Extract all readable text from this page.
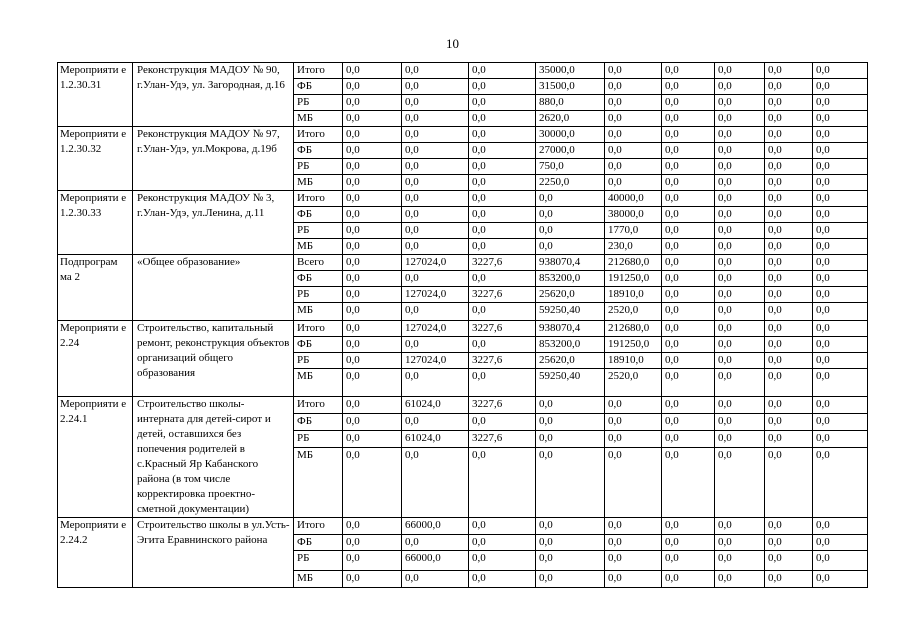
10
Мероприяти е 1.2.30.31	Реконструкция МАДОУ № 90, г.Улан-Удэ, ул. Загородная, д.16	Итого	0,0	0,0	0,0	35000,0	0,0	0,0	0,0	0,0	0,0
		ФБ	0,0	0,0	0,0	31500,0	0,0	0,0	0,0	0,0	0,0
		РБ	0,0	0,0	0,0	880,0	0,0	0,0	0,0	0,0	0,0
		МБ	0,0	0,0	0,0	2620,0	0,0	0,0	0,0	0,0	0,0
Мероприяти е 1.2.30.32	Реконструкция МАДОУ № 97, г.Улан-Удэ, ул.Мокрова, д.19б	Итого	0,0	0,0	0,0	30000,0	0,0	0,0	0,0	0,0	0,0
		ФБ	0,0	0,0	0,0	27000,0	0,0	0,0	0,0	0,0	0,0
		РБ	0,0	0,0	0,0	750,0	0,0	0,0	0,0	0,0	0,0
		МБ	0,0	0,0	0,0	2250,0	0,0	0,0	0,0	0,0	0,0
Мероприяти е 1.2.30.33	Реконструкция МАДОУ № 3, г.Улан-Удэ, ул.Ленина, д.11	Итого	0,0	0,0	0,0	0,0	40000,0	0,0	0,0	0,0	0,0
		ФБ	0,0	0,0	0,0	0,0	38000,0	0,0	0,0	0,0	0,0
		РБ	0,0	0,0	0,0	0,0	1770,0	0,0	0,0	0,0	0,0
		МБ	0,0	0,0	0,0	0,0	230,0	0,0	0,0	0,0	0,0
Подпрограм ма 2	«Общее образование»	Всего	0,0	127024,0	3227,6	938070,4	212680,0	0,0	0,0	0,0	0,0
		ФБ	0,0	0,0	0,0	853200,0	191250,0	0,0	0,0	0,0	0,0
		РБ	0,0	127024,0	3227,6	25620,0	18910,0	0,0	0,0	0,0	0,0
		МБ	0,0	0,0	0,0	59250,40	2520,0	0,0	0,0	0,0	0,0
Мероприяти е 2.24	Строительство, капитальный ремонт, реконструкция объектов организаций общего образования	Итого	0,0	127024,0	3227,6	938070,4	212680,0	0,0	0,0	0,0	0,0
		ФБ	0,0	0,0	0,0	853200,0	191250,0	0,0	0,0	0,0	0,0
		РБ	0,0	127024,0	3227,6	25620,0	18910,0	0,0	0,0	0,0	0,0
		МБ	0,0	0,0	0,0	59250,40	2520,0	0,0	0,0	0,0	0,0
Мероприяти е 2.24.1	Строительство школы-интерната для детей-сирот и детей, оставшихся без попечения родителей в с.Красный Яр Кабанского района (в том числе корректировка проектно-сметной документации)	Итого	0,0	61024,0	3227,6	0,0	0,0	0,0	0,0	0,0	0,0
		ФБ	0,0	0,0	0,0	0,0	0,0	0,0	0,0	0,0	0,0
		РБ	0,0	61024,0	3227,6	0,0	0,0	0,0	0,0	0,0	0,0
		МБ	0,0	0,0	0,0	0,0	0,0	0,0	0,0	0,0	0,0
Мероприяти е 2.24.2	Строительство школы в ул.Усть-Эгита Еравнинского района	Итого	0,0	66000,0	0,0	0,0	0,0	0,0	0,0	0,0	0,0
		ФБ	0,0	0,0	0,0	0,0	0,0	0,0	0,0	0,0	0,0
		РБ	0,0	66000,0	0,0	0,0	0,0	0,0	0,0	0,0	0,0
		МБ	0,0	0,0	0,0	0,0	0,0	0,0	0,0	0,0	0,0
